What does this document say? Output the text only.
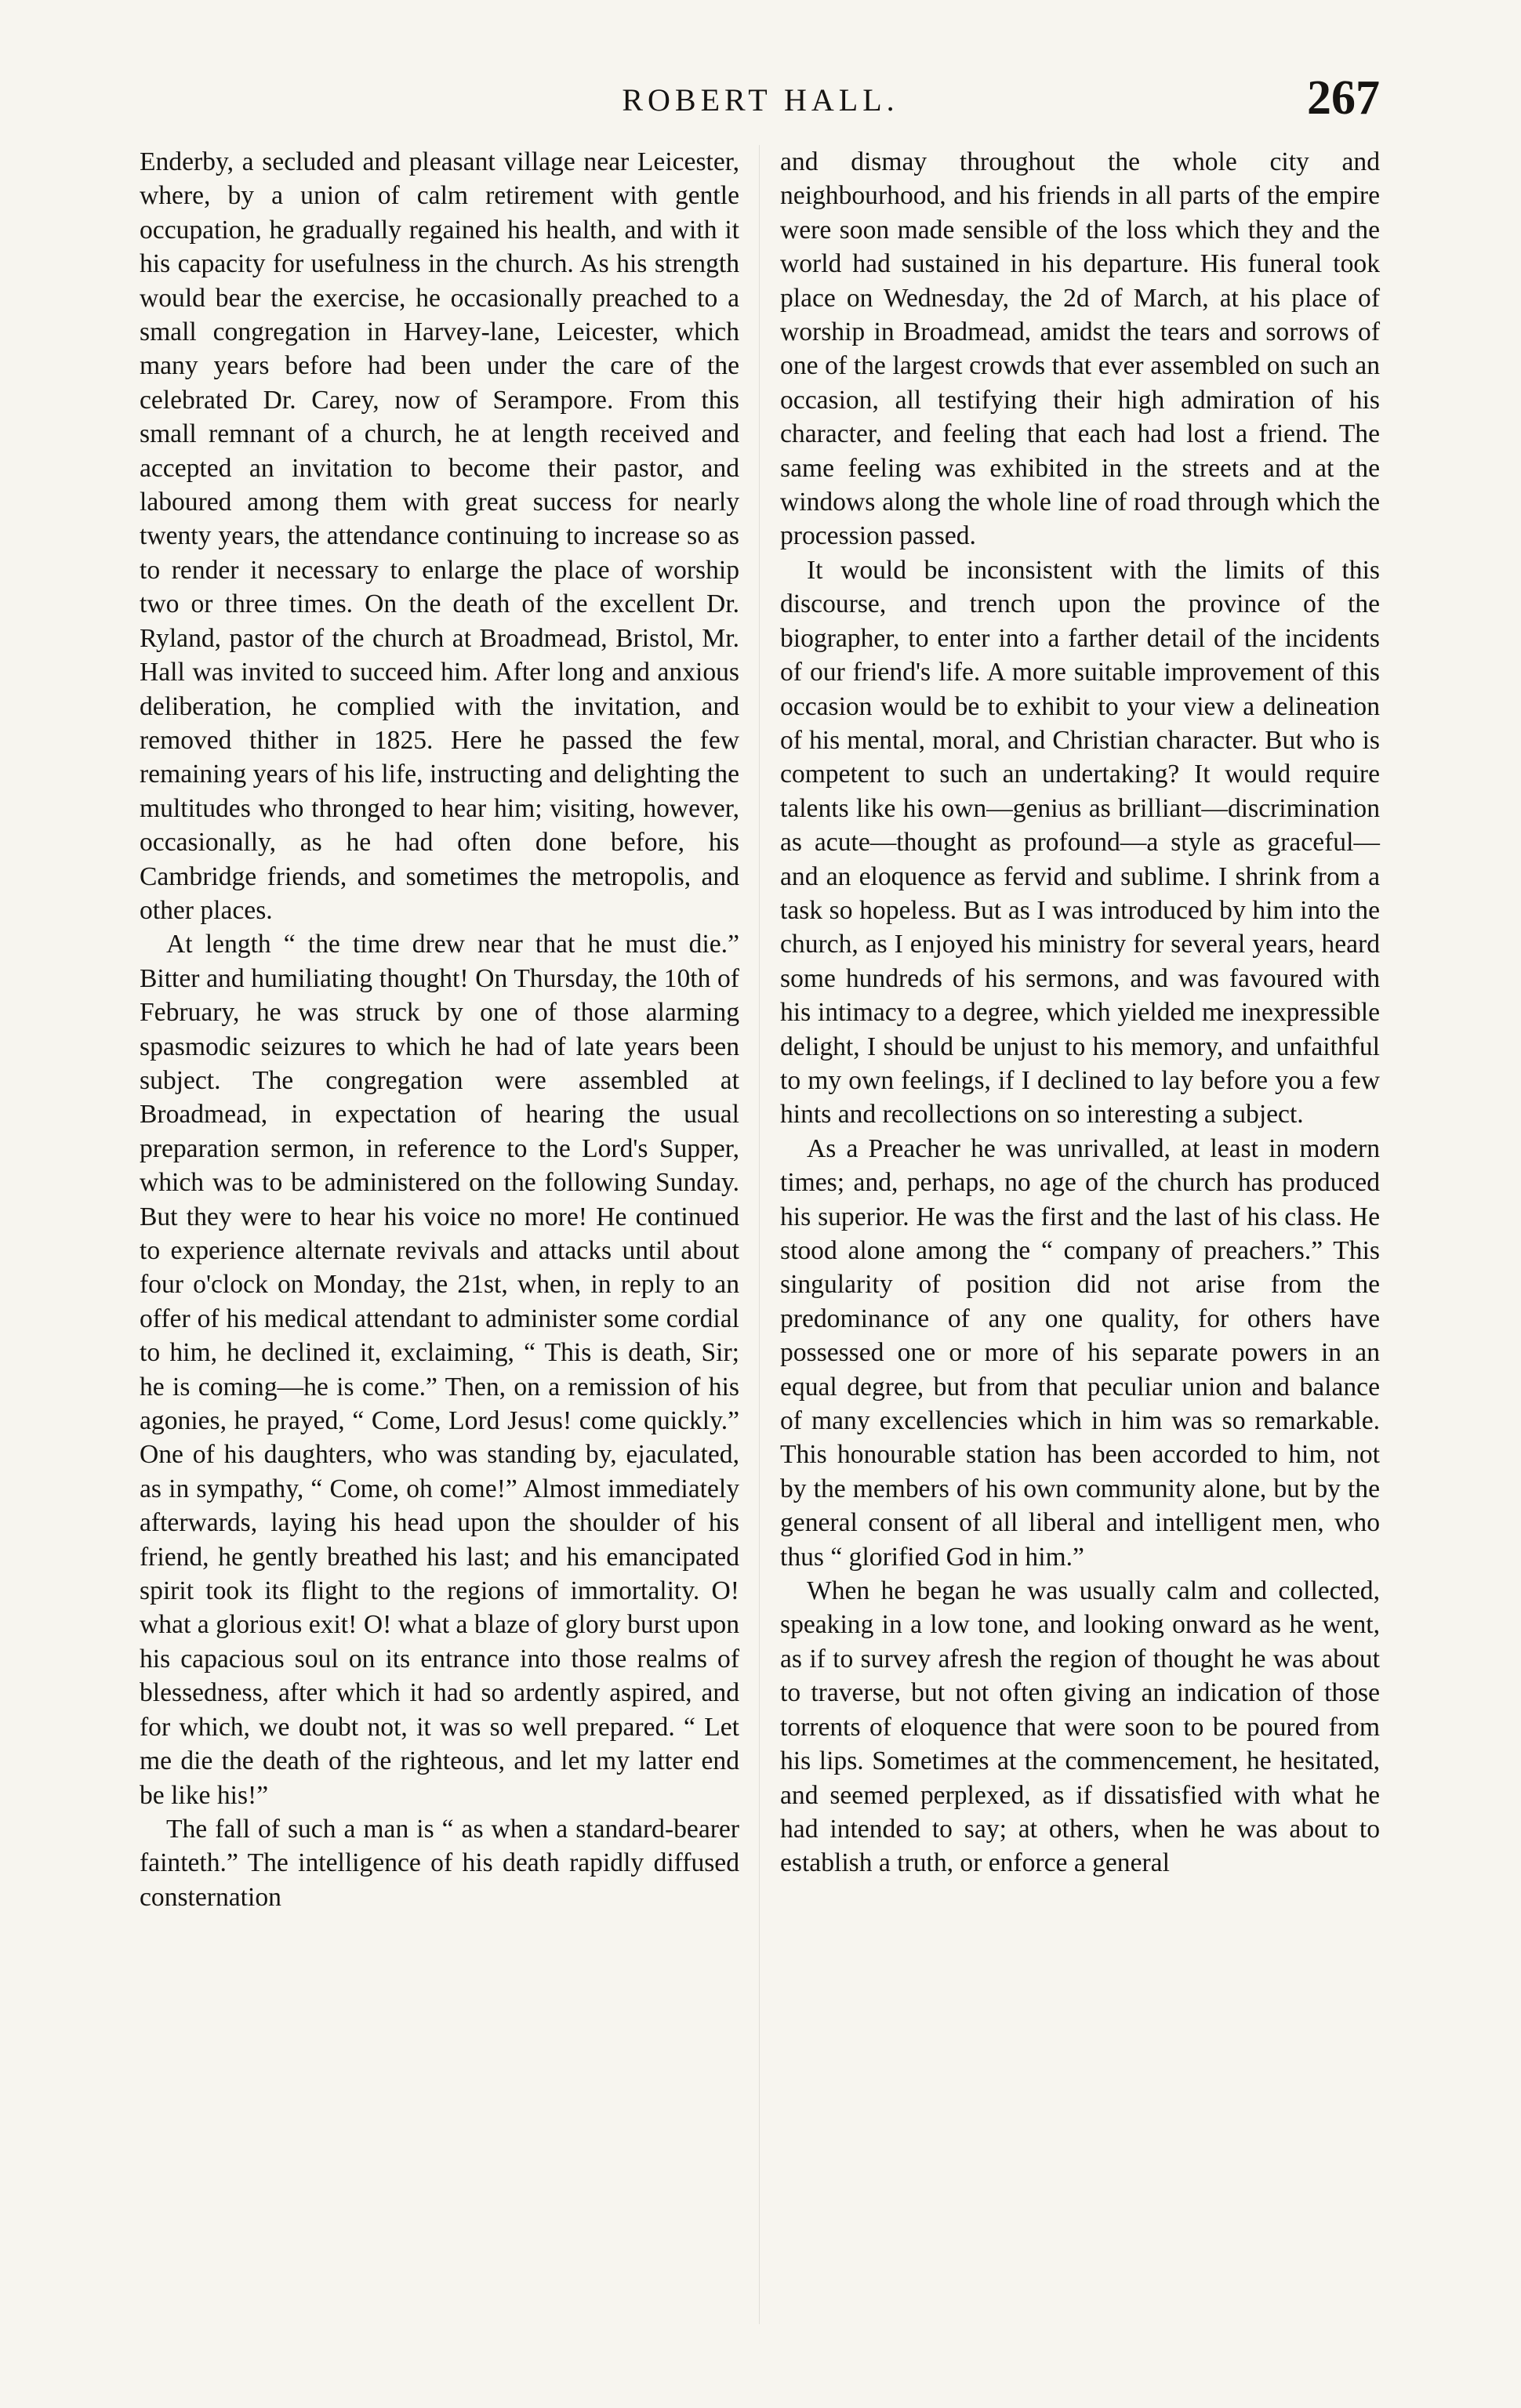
ROBERT HALL.	267

Enderby, a secluded and pleasant village near Leicester, where, by a union of calm retirement with gentle occupation, he gradually regained his health, and with it his capacity for usefulness in the church. As his strength would bear the exercise, he occasionally preached to a small congregation in Harvey-lane, Leicester, which many years before had been under the care of the celebrated Dr. Carey, now of Serampore. From this small remnant of a church, he at length received and accepted an invitation to become their pastor, and laboured among them with great success for nearly twenty years, the attendance continuing to increase so as to render it necessary to enlarge the place of worship two or three times. On the death of the excellent Dr. Ryland, pastor of the church at Broadmead, Bristol, Mr. Hall was invited to succeed him. After long and anxious deliberation, he complied with the invitation, and removed thither in 1825. Here he passed the few remaining years of his life, instructing and delighting the multitudes who thronged to hear him; visiting, however, occasionally, as he had often done before, his Cambridge friends, and sometimes the metropolis, and other places.

At length “ the time drew near that he must die.” Bitter and humiliating thought! On Thursday, the 10th of February, he was struck by one of those alarming spasmodic seizures to which he had of late years been subject. The congregation were assembled at Broadmead, in expectation of hearing the usual preparation sermon, in reference to the Lord's Supper, which was to be administered on the following Sunday. But they were to hear his voice no more! He continued to experience alternate revivals and attacks until about four o'clock on Monday, the 21st, when, in reply to an offer of his medical attendant to administer some cordial to him, he declined it, exclaiming, “ This is death, Sir; he is coming—he is come.” Then, on a remission of his agonies, he prayed, “ Come, Lord Jesus! come quickly.” One of his daughters, who was standing by, ejaculated, as in sympathy, “ Come, oh come!” Almost immediately afterwards, laying his head upon the shoulder of his friend, he gently breathed his last; and his emancipated spirit took its flight to the regions of immortality. O! what a glorious exit! O! what a blaze of glory burst upon his capacious soul on its entrance into those realms of blessedness, after which it had so ardently aspired, and for which, we doubt not, it was so well prepared. “ Let me die the death of the righteous, and let my latter end be like his!”

The fall of such a man is “ as when a standard-bearer fainteth.” The intelligence of his death rapidly diffused consternation

and dismay throughout the whole city and neighbourhood, and his friends in all parts of the empire were soon made sensible of the loss which they and the world had sustained in his departure. His funeral took place on Wednesday, the 2d of March, at his place of worship in Broadmead, amidst the tears and sorrows of one of the largest crowds that ever assembled on such an occasion, all testifying their high admiration of his character, and feeling that each had lost a friend. The same feeling was exhibited in the streets and at the windows along the whole line of road through which the procession passed.

It would be inconsistent with the limits of this discourse, and trench upon the province of the biographer, to enter into a farther detail of the incidents of our friend's life. A more suitable improvement of this occasion would be to exhibit to your view a delineation of his mental, moral, and Christian character. But who is competent to such an undertaking? It would require talents like his own—genius as brilliant—discrimination as acute—thought as profound—a style as graceful—and an eloquence as fervid and sublime. I shrink from a task so hopeless. But as I was introduced by him into the church, as I enjoyed his ministry for several years, heard some hundreds of his sermons, and was favoured with his intimacy to a degree, which yielded me inexpressible delight, I should be unjust to his memory, and unfaithful to my own feelings, if I declined to lay before you a few hints and recollections on so interesting a subject.

As a Preacher he was unrivalled, at least in modern times; and, perhaps, no age of the church has produced his superior. He was the first and the last of his class. He stood alone among the “ company of preachers.” This singularity of position did not arise from the predominance of any one quality, for others have possessed one or more of his separate powers in an equal degree, but from that peculiar union and balance of many excellencies which in him was so remarkable. This honourable station has been accorded to him, not by the members of his own community alone, but by the general consent of all liberal and intelligent men, who thus “ glorified God in him.”

When he began he was usually calm and collected, speaking in a low tone, and looking onward as he went, as if to survey afresh the region of thought he was about to traverse, but not often giving an indication of those torrents of eloquence that were soon to be poured from his lips. Sometimes at the commencement, he hesitated, and seemed perplexed, as if dissatisfied with what he had intended to say; at others, when he was about to establish a truth, or enforce a general
